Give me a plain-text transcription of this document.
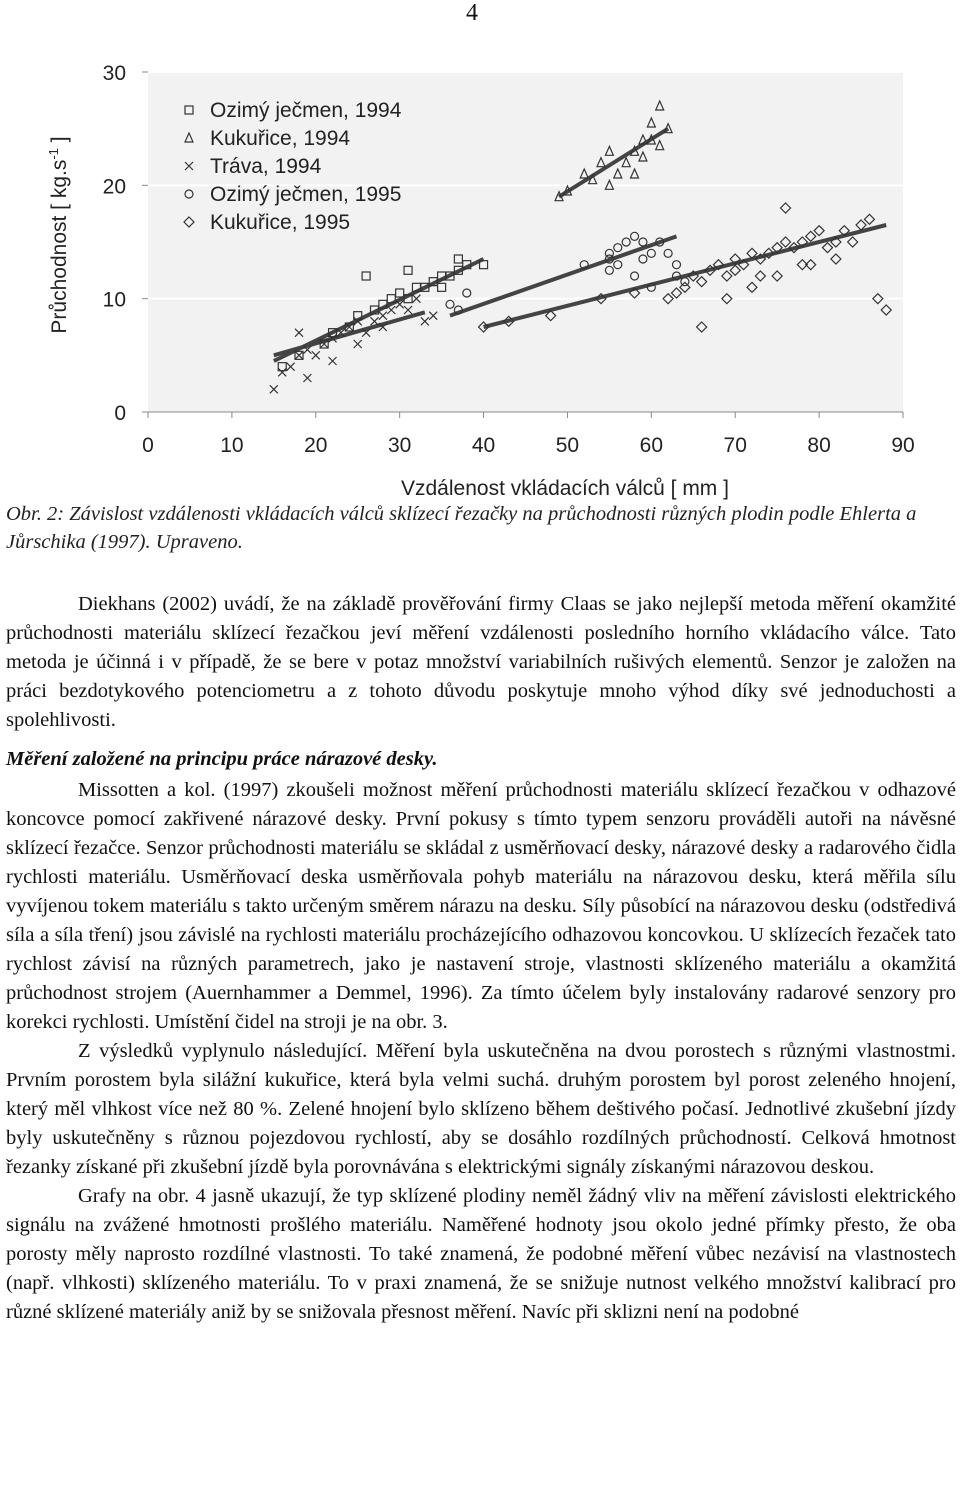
4
0
10
20
30
0	10	20	30	40	50	60	70	80	90
Ozimý ječmen, 1994
Kukuřice, 1994
Tráva, 1994
Ozimý ječmen, 1995
Kukuřice, 1995
Vzdálenost vkládacích válců [ mm ]
Průchodnost [ $kg.s^{-1}$ ]
Obr. 2: Závislost vzdálenosti vkládacích válců sklízecí řezačky na průchodnosti různých plodin podle Ehlerta a Jůrschika (1997). Upraveno.

Diekhans (2002) uvádí, že na základě prověřování firmy Claas se jako nejlepší metoda měření okamžité průchodnosti materiálu sklízecí řezačkou jeví měření vzdálenosti posledního horního vkládacího válce. Tato metoda je účinná i v případě, že se bere v potaz množství variabilních rušivých elementů. Senzor je založen na práci bezdotykového potenciometru a z tohoto důvodu poskytuje mnoho výhod díky své jednoduchosti a spolehlivosti.

Měření založené na principu práce nárazové desky.

Missotten a kol. (1997) zkoušeli možnost měření průchodnosti materiálu sklízecí řezačkou v odhazové koncovce pomocí zakřivené nárazové desky. První pokusy s tímto typem senzoru prováděli autoři na návěsné sklízecí řezačce. Senzor průchodnosti materiálu se skládal z usměrňovací desky, nárazové desky a radarového čidla rychlosti materiálu. Usměrňovací deska usměrňovala pohyb materiálu na nárazovou desku, která měřila sílu vyvíjenou tokem materiálu s takto určeným směrem nárazu na desku. Síly působící na nárazovou desku (odstředivá síla a síla tření) jsou závislé na rychlosti materiálu procházejícího odhazovou koncovkou. U sklízecích řezaček tato rychlost závisí na různých parametrech, jako je nastavení stroje, vlastnosti sklízeného materiálu a okamžitá průchodnost strojem (Auernhammer a Demmel, 1996). Za tímto účelem byly instalovány radarové senzory pro korekci rychlosti. Umístění čidel na stroji je na obr. 3.

Z výsledků vyplynulo následující. Měření byla uskutečněna na dvou porostech s různými vlastnostmi. Prvním porostem byla silážní kukuřice, která byla velmi suchá. druhým porostem byl porost zeleného hnojení, který měl vlhkost více než 80 %. Zelené hnojení bylo sklízeno během deštivého počasí. Jednotlivé zkušební jízdy byly uskutečněny s různou pojezdovou rychlostí, aby se dosáhlo rozdílných průchodností. Celková hmotnost řezanky získané při zkušební jízdě byla porovnávána s elektrickými signály získanými nárazovou deskou.

Grafy na obr. 4 jasně ukazují, že typ sklízené plodiny neměl žádný vliv na měření závislosti elektrického signálu na zvážené hmotnosti prošlého materiálu. Naměřené hodnoty jsou okolo jedné přímky přesto, že oba porosty měly naprosto rozdílné vlastnosti. To také znamená, že podobné měření vůbec nezávisí na vlastnostech (např. vlhkosti) sklízeného materiálu. To v praxi znamená, že se snižuje nutnost velkého množství kalibrací pro různé sklízené materiály aniž by se snižovala přesnost měření. Navíc při sklizni není na podobné
